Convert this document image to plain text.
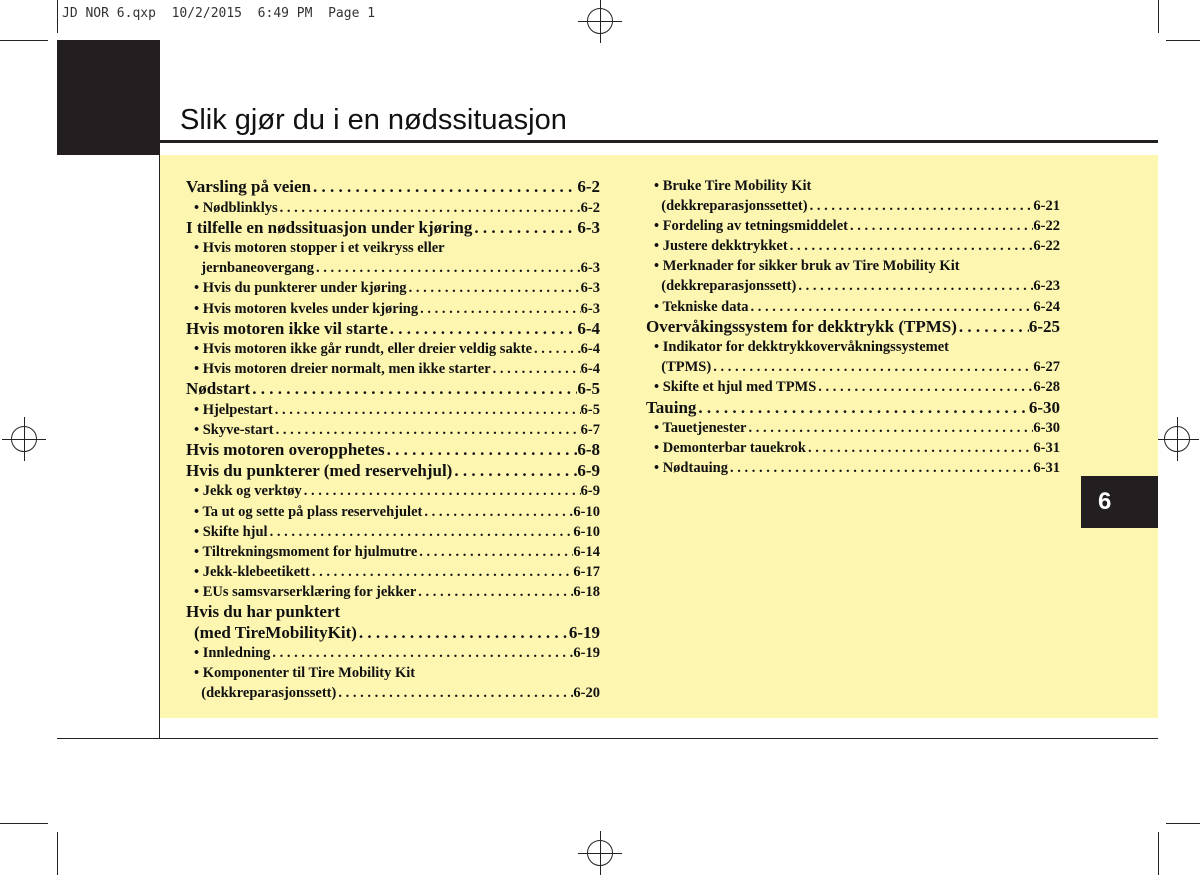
JD NOR 6.qxp  10/2/2015  6:49 PM  Page 1
Slik gjør du i en nødssituasjon
Varsling på veien . . .	6-2
• Nødblinklys . . .	6-2
I tilfelle en nødssituasjon under kjøring . . .	6-3
• Hvis motoren stopper i et veikryss eller
jernbaneovergang . . .	6-3
• Hvis du punkterer under kjøring . . .	6-3
• Hvis motoren kveles under kjøring . . .	6-3
Hvis motoren ikke vil starte . . .	6-4
• Hvis motoren ikke går rundt, eller dreier veldig sakte . . .	6-4
• Hvis motoren dreier normalt, men ikke starter . . .	6-4
Nødstart . . .	6-5
• Hjelpestart . . .	6-5
• Skyve-start . . .	6-7
Hvis motoren overopphetes . . .	6-8
Hvis du punkterer (med reservehjul) . . .	6-9
• Jekk og verktøy . . .	6-9
• Ta ut og sette på plass reservehjulet . . .	6-10
• Skifte hjul . . .	6-10
• Tiltrekningsmoment for hjulmutre . . .	6-14
• Jekk-klebeetikett . . .	6-17
• EUs samsvarserklæring for jekker . . .	6-18
Hvis du har punktert
(med TireMobilityKit) . . .	6-19
• Innledning . . .	6-19
• Komponenter til Tire Mobility Kit
(dekkreparasjonssett) . . .	6-20
• Bruke Tire Mobility Kit
(dekkreparasjonssettet) . . .	6-21
• Fordeling av tetningsmiddelet . . .	6-22
• Justere dekktrykket . . .	6-22
• Merknader for sikker bruk av Tire Mobility Kit
(dekkreparasjonssett) . . .	6-23
• Tekniske data . . .	6-24
Overvåkingssystem for dekktrykk (TPMS) . . .	6-25
• Indikator for dekktrykkovervåkningssystemet
(TPMS) . . .	6-27
• Skifte et hjul med TPMS . . .	6-28
Tauing . . .	6-30
• Tauetjenester . . .	6-30
• Demonterbar tauekrok . . .	6-31
• Nødtauing . . .	6-31
6
